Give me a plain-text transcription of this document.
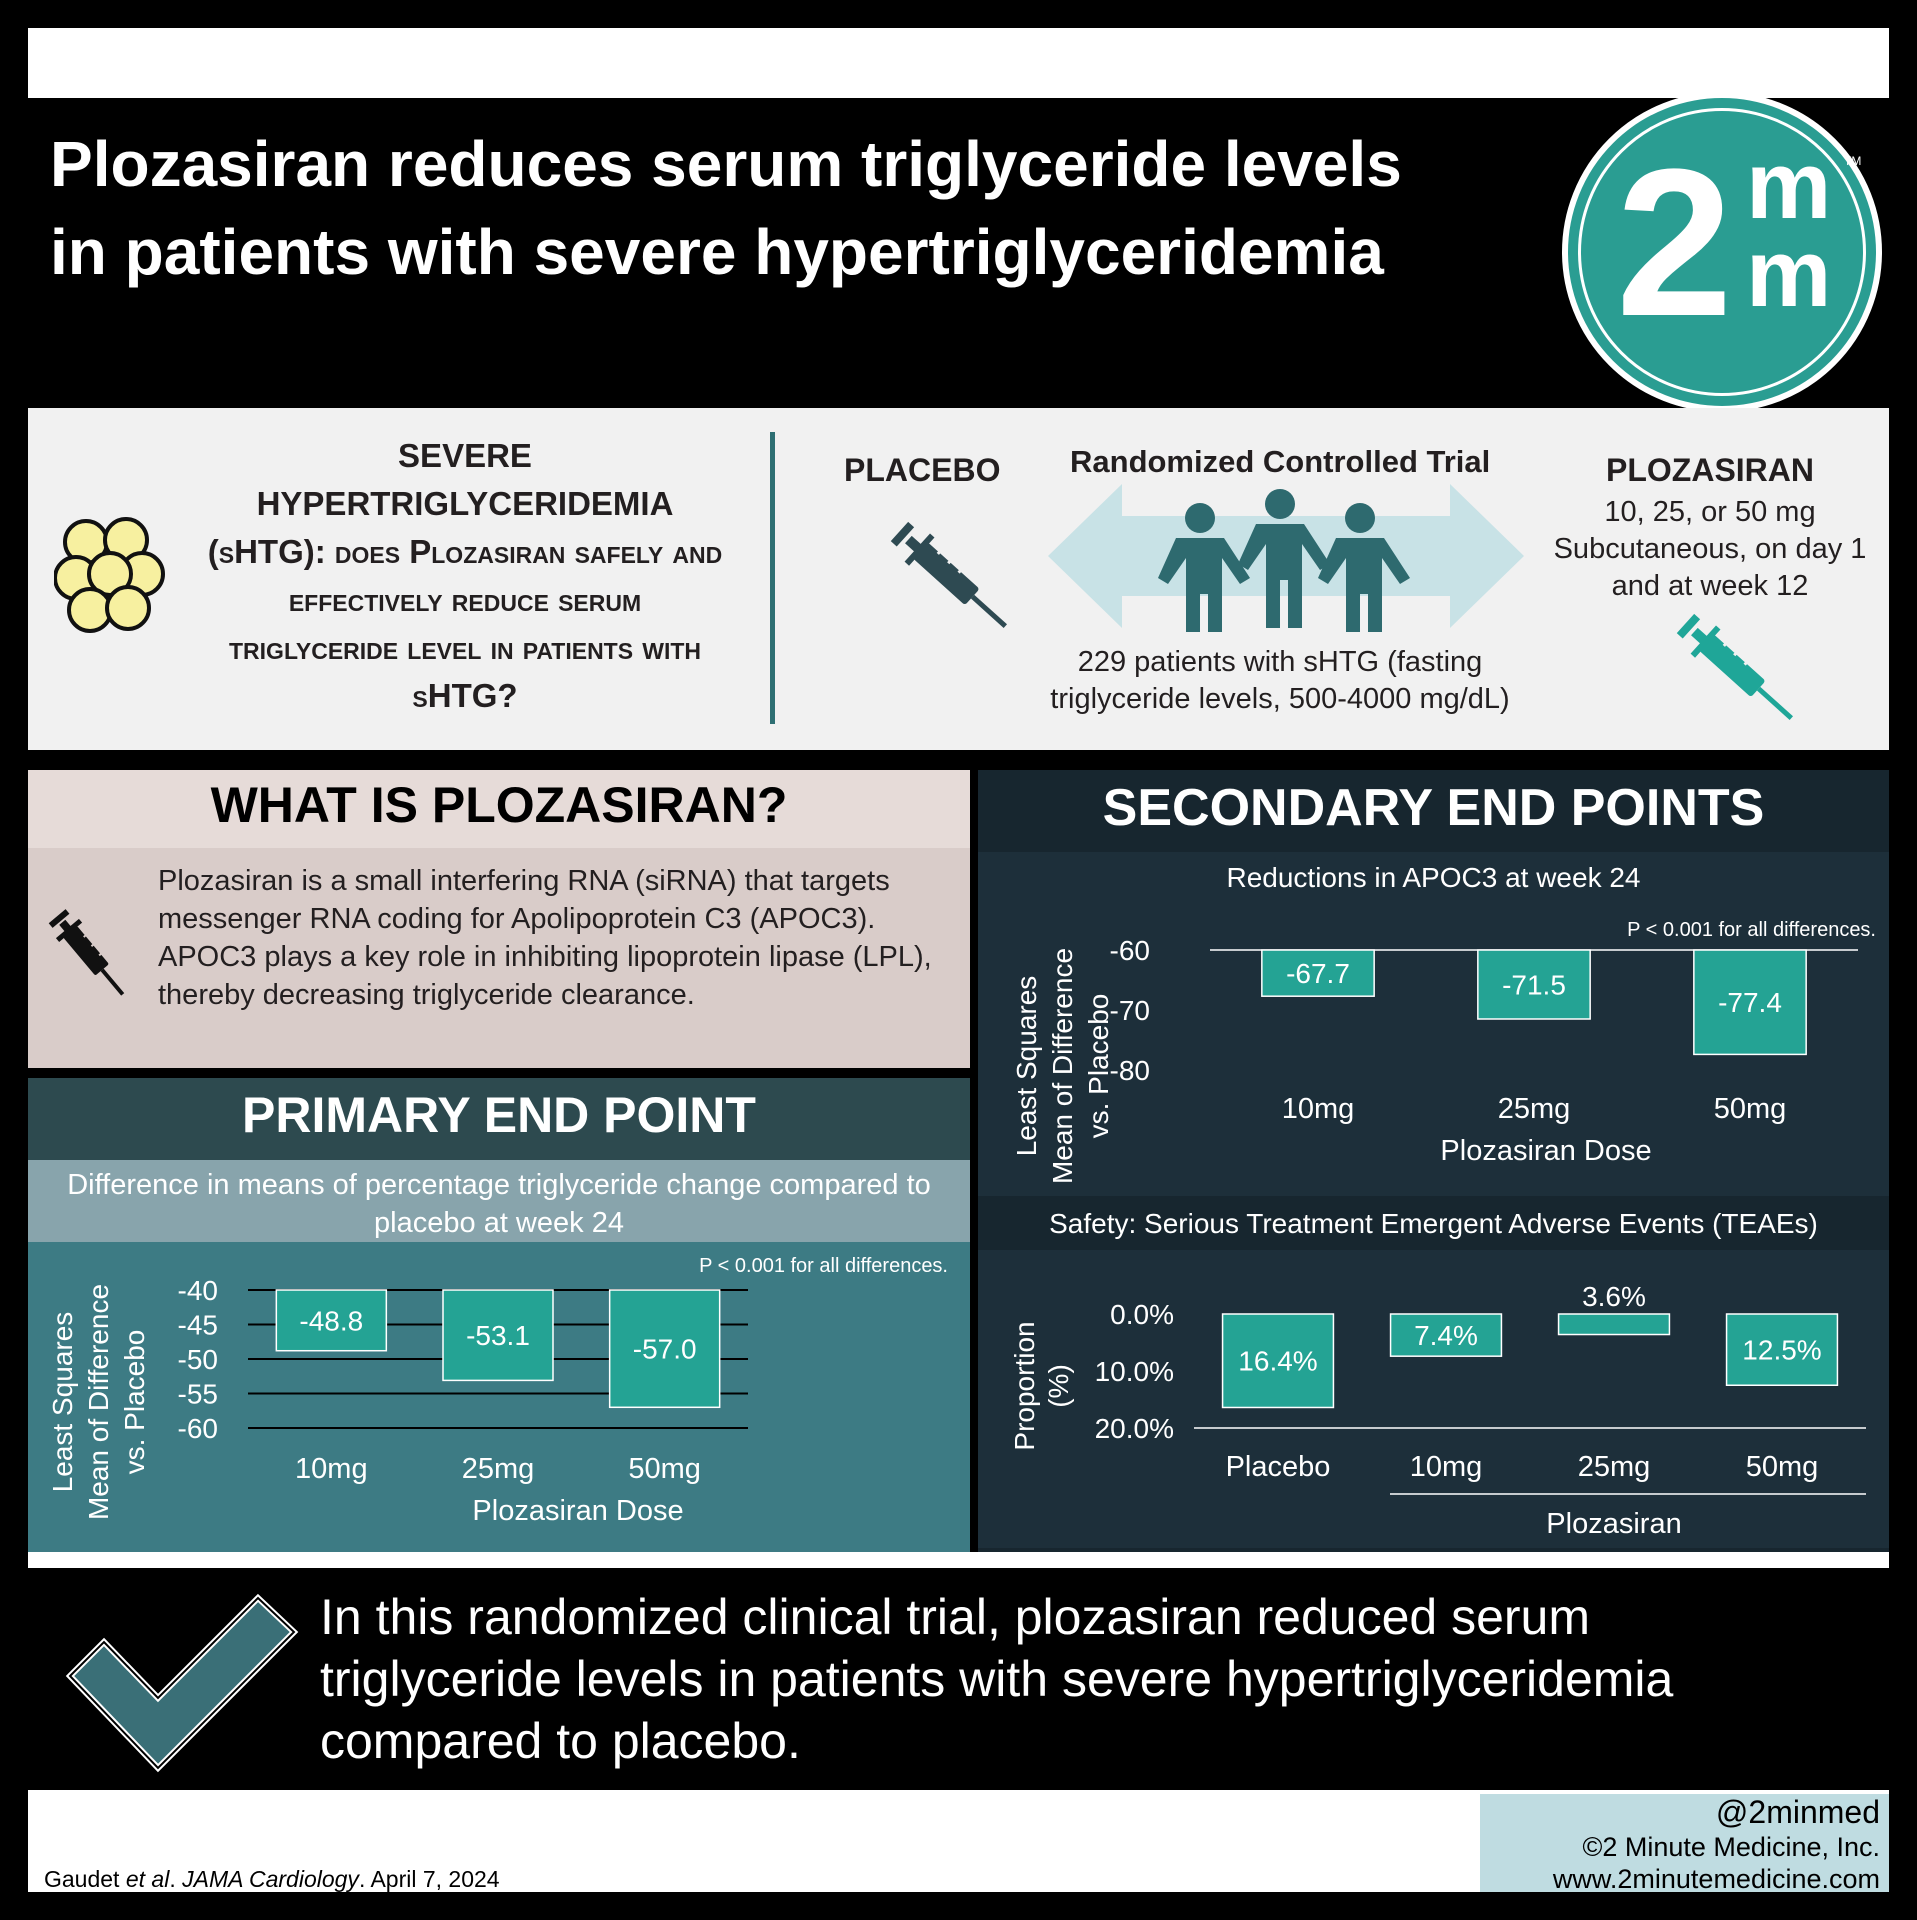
Plozasiran reduces serum triglyceride levels in patients with severe hypertriglyceridemia	2 m
m
TM
SEVERE
HYPERTRIGLYCERIDEMIA
(sHTG): does Plozasiran safely and effectively reduce serum triglyceride level in patients with sHTG?
PLACEBO Randomized Controlled Trial
229 patients with sHTG (fasting triglyceride levels, 500-4000 mg/dL)
PLOZASIRAN
10, 25, or 50 mg Subcutaneous, on day 1 and at week 12
WHAT IS PLOZASIRAN?
Plozasiran is a small interfering RNA (siRNA) that targets messenger RNA coding for Apolipoprotein C3 (APOC3). APOC3 plays a key role in inhibiting lipoprotein lipase (LPL), thereby decreasing triglyceride clearance.
PRIMARY END POINT
Difference in means of percentage triglyceride change compared to placebo at week 24
-40
-45
-50
-55
-60
-48.8
10mg
-53.1
25mg
-57.0
50mg
Plozasiran Dose
Least Squares Mean of Difference vs. Placebo
P < 0.001 for all differences.
SECONDARY END POINTS
Reductions in APOC3 at week 24
-60
-70
-80
-67.7
10mg
-71.5
25mg
-77.4
50mg
Plozasiran Dose
Least Squares Mean of Difference vs. Placebo
P < 0.001 for all differences.
Safety: Serious Treatment Emergent Adverse Events (TEAEs)
20.0%
10.0%
0.0%
16.4%
Placebo
7.4%
10mg
3.6%
25mg
12.5%
50mg
Proportion (%)
Plozasiran
In this randomized clinical trial, plozasiran reduced serum triglyceride levels in patients with severe hypertriglyceridemia compared to placebo.
@2minmed
©2 Minute Medicine, Inc.
www.2minutemedicine.com
Gaudet et al. JAMA Cardiology. April 7, 2024
